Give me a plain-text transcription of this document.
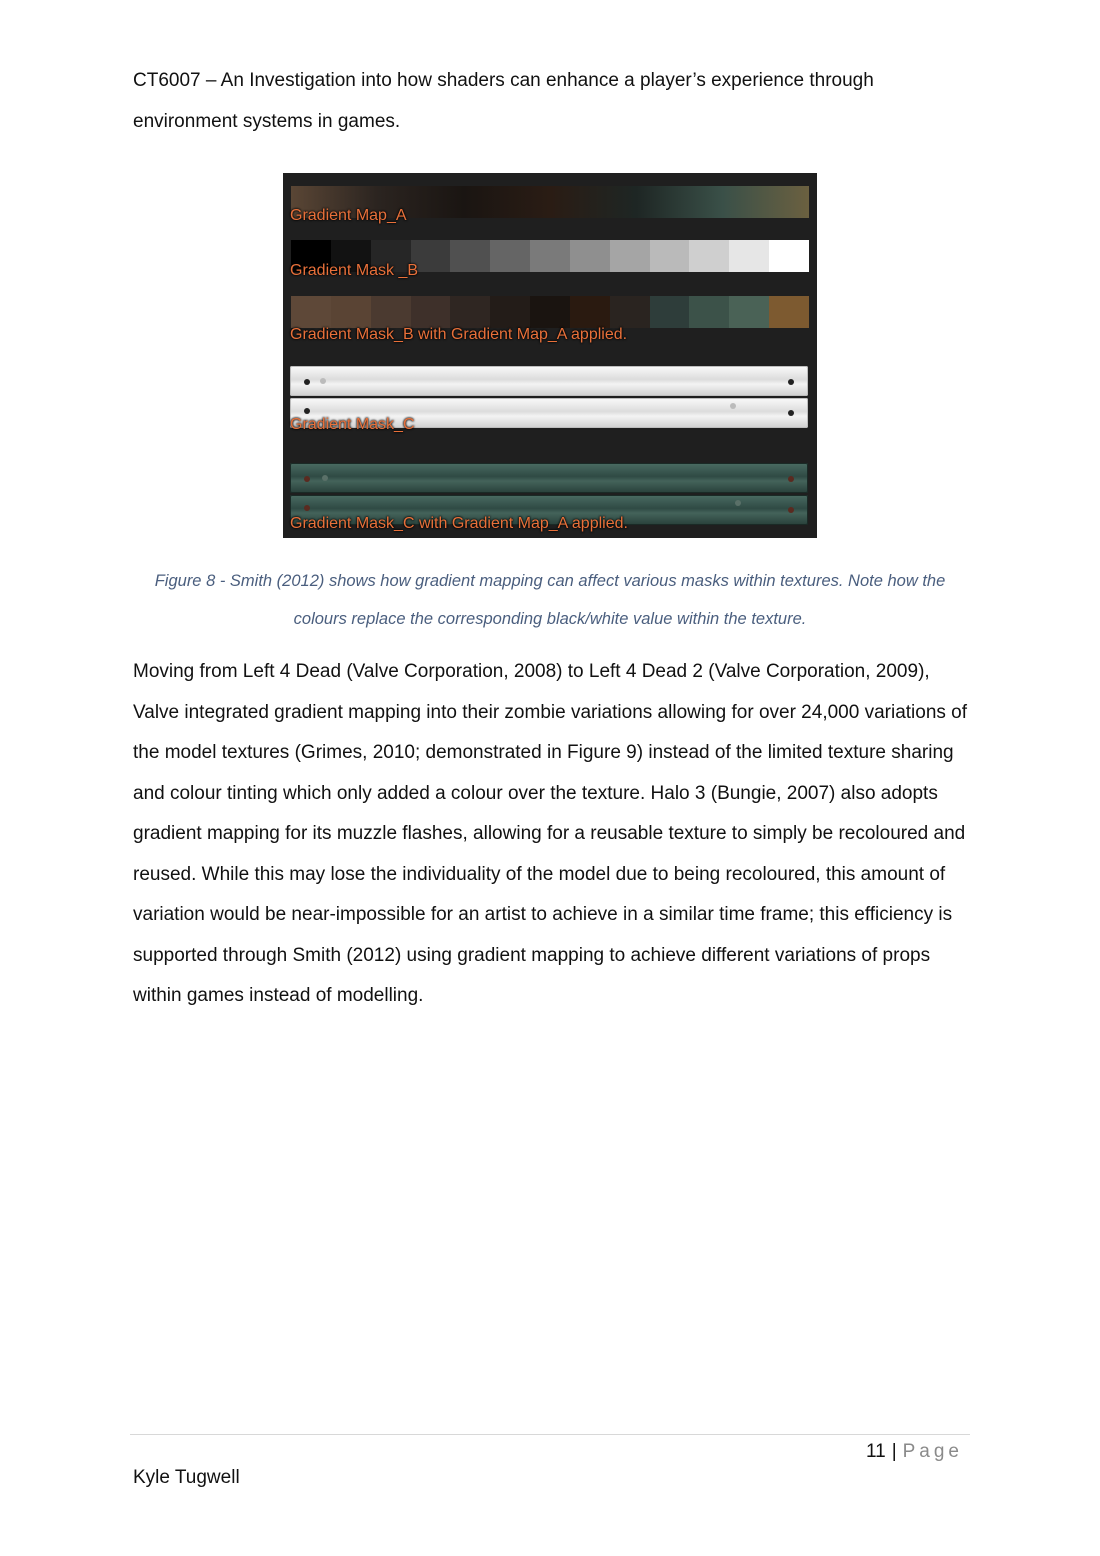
CT6007 – An Investigation into how shaders can enhance a player’s experience through environment systems in games.
Gradient Map_A
Gradient Mask _B
Gradient Mask_B with Gradient Map_A applied.
Gradient Mask_C
Gradient Mask_C with Gradient Map_A applied.
Figure 8 - Smith (2012) shows how gradient mapping can affect various masks within textures. Note how the colours replace the corresponding black/white value within the texture.

Moving from Left 4 Dead (Valve Corporation, 2008) to Left 4 Dead 2 (Valve Corporation, 2009), Valve integrated gradient mapping into their zombie variations allowing for over 24,000 variations of the model textures (Grimes, 2010; demonstrated in Figure 9) instead of the limited texture sharing and colour tinting which only added a colour over the texture. Halo 3 (Bungie, 2007) also adopts gradient mapping for its muzzle flashes, allowing for a reusable texture to simply be recoloured and reused. While this may lose the individuality of the model due to being recoloured, this amount of variation would be near-impossible for an artist to achieve in a similar time frame; this efficiency is supported through Smith (2012) using gradient mapping to achieve different variations of props within games instead of modelling.

11 | Page
Kyle Tugwell
